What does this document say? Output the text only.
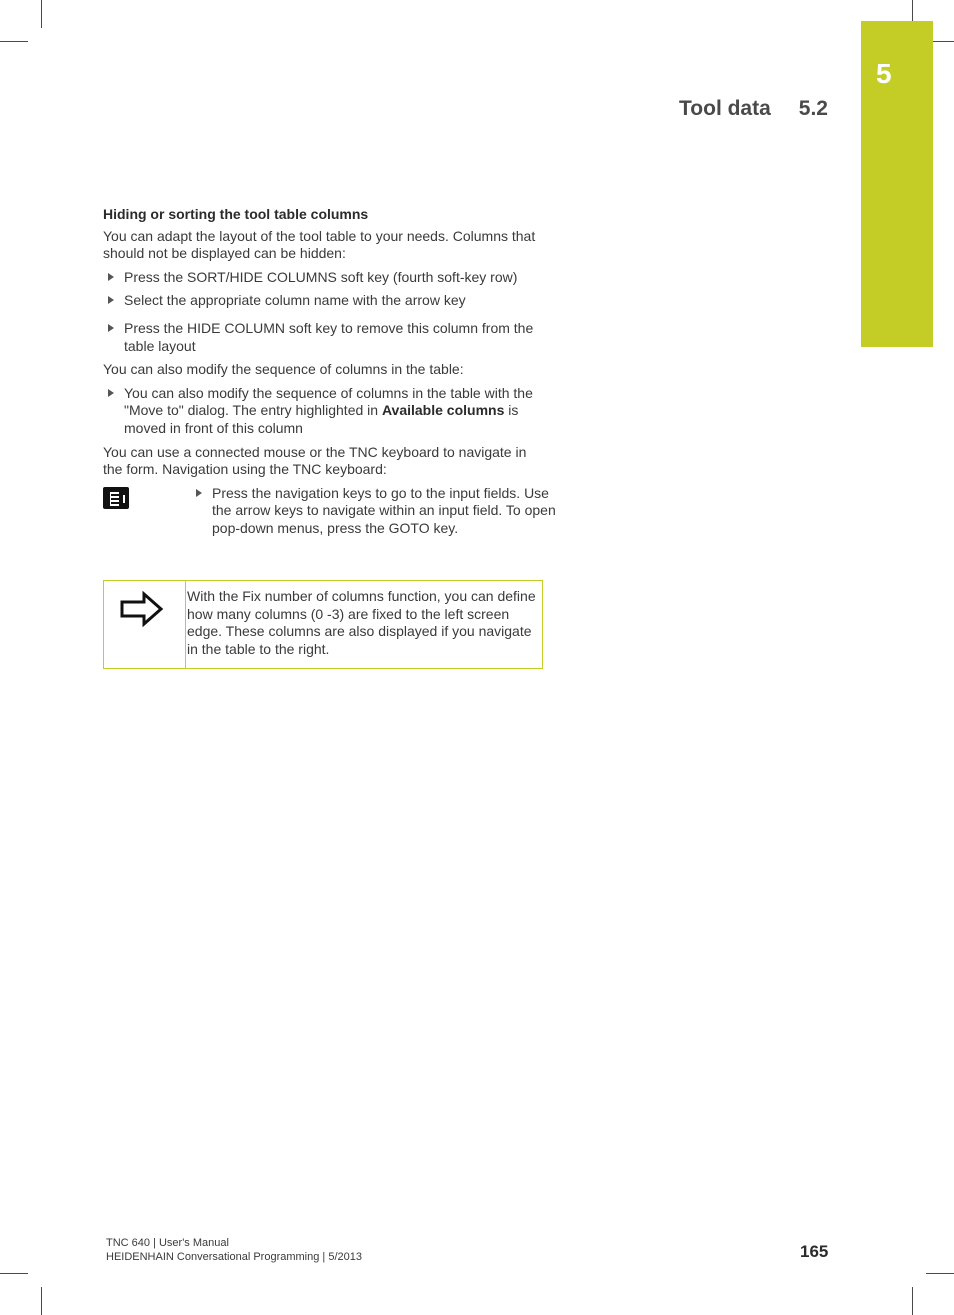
5
Tool data 5.2
Hiding or sorting the tool table columns
You can adapt the layout of the tool table to your needs. Columns that should not be displayed can be hidden:
Press the SORT/HIDE COLUMNS soft key (fourth soft-key row)
Select the appropriate column name with the arrow key
Press the HIDE COLUMN soft key to remove this column from the table layout
You can also modify the sequence of columns in the table:
You can also modify the sequence of columns in the table with the "Move to" dialog. The entry highlighted in Available columns is moved in front of this column
You can use a connected mouse or the TNC keyboard to navigate in the form. Navigation using the TNC keyboard:
Press the navigation keys to go to the input fields. Use the arrow keys to navigate within an input field. To open pop-down menus, press the GOTO key.
With the Fix number of columns function, you can define how many columns (0 -3) are fixed to the left screen edge. These columns are also displayed if you navigate in the table to the right.
TNC 640 | User's Manual
HEIDENHAIN Conversational Programming | 5/2013	165
